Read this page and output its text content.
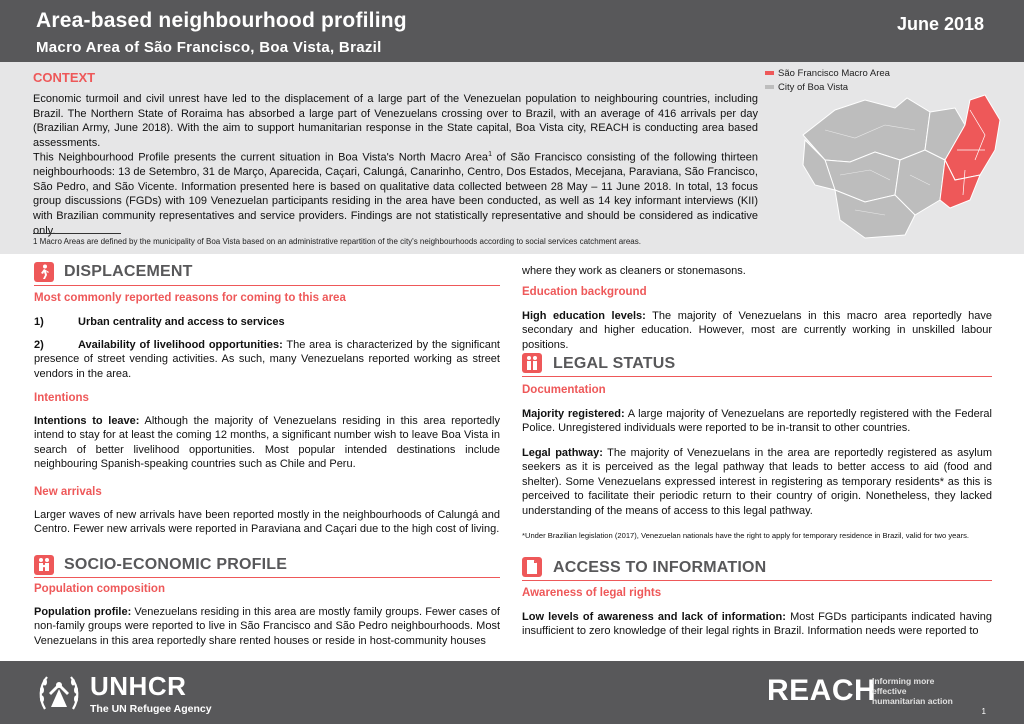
Area-based neighbourhood profiling
Macro Area of São Francisco, Boa Vista, Brazil
June 2018
CONTEXT
Economic turmoil and civil unrest have led to the displacement of a large part of the Venezuelan population to neighbouring countries, including Brazil. The Northern State of Roraima has absorbed a large part of Venezuelans crossing over to Brazil, with an average of 416 arrivals per day (Brazilian Army, June 2018). With the aim to support humanitarian response in the State capital, Boa Vista city, REACH is conducting area based assessments.
This Neighbourhood Profile presents the current situation in Boa Vista's North Macro Area$^1$ of São Francisco consisting of the following thirteen neighbourhoods: 13 de Setembro, 31 de Março, Aparecida, Caçari, Calungá, Canarinho, Centro, Dos Estados, Mecejana, Paraviana, São Francisco, São Pedro, and São Vicente. Information presented here is based on qualitative data collected between 28 May – 11 June 2018. In total, 13 focus group discussions (FGDs) with 109 Venezuelan participants residing in the area have been conducted, as well as 14 key informant interviews (KII) with Brazilian community representatives and service providers. Findings are not statistically representative and should be considered as indicative only.
1 Macro Areas are defined by the municipality of Boa Vista based on an administrative repartition of the city's neighbourhoods according to social services catchment areas.
São Francisco Macro Area
City of Boa Vista
DISPLACEMENT
Most commonly reported reasons for coming to this area
1)	Urban centrality and access to services
2)	Availability of livelihood opportunities: The area is characterized by the significant presence of street vending activities. As such, many Venezuelans reported working as street vendors in the area.
Intentions
Intentions to leave: Although the majority of Venezuelans residing in this area reportedly intend to stay for at least the coming 12 months, a significant number wish to leave Boa Vista in search of better livelihood opportunities. Most popular intended destinations include neighbouring Spanish-speaking countries such as Chile and Peru.
New arrivals
Larger waves of new arrivals have been reported mostly in the neighbourhoods of Calungá and Centro. Fewer new arrivals were reported in Paraviana and Caçari due to the high cost of living.
SOCIO-ECONOMIC PROFILE
Population composition
Population profile: Venezuelans residing in this area are mostly family groups. Fewer cases of non-family groups were reported to live in São Francisco and São Pedro neighbourhoods. Most Venezuelans in this area reportedly share rented houses or reside in host-community houses
where they work as cleaners or stonemasons.
Education background
High education levels: The majority of Venezuelans in this macro area reportedly have secondary and higher education. However, most are currently working in unskilled labour positions.
LEGAL STATUS
Documentation
Majority registered: A large majority of Venezuelans are reportedly registered with the Federal Police. Unregistered individuals were reported to be in-transit to other countries.
Legal pathway: The majority of Venezuelans in the area are reportedly registered as asylum seekers as it is perceived as the legal pathway that leads to better access to aid (food and shelter). Some Venezuelans expressed interest in registering as temporary residents* as this is perceived to facilitate their periodic return to their country of origin. Nonetheless, they lacked understanding of the means of access to this legal pathway.
*Under Brazilian legislation (2017), Venezuelan nationals have the right to apply for temporary residence in Brazil, valid for two years.
ACCESS TO INFORMATION
Awareness of legal rights
Low levels of awareness and lack of information: Most FGDs participants indicated having insufficient to zero knowledge of their legal rights in Brazil. Information needs were reported to
UNHCR
The UN Refugee Agency
REACH
Informing more effective humanitarian action
1
